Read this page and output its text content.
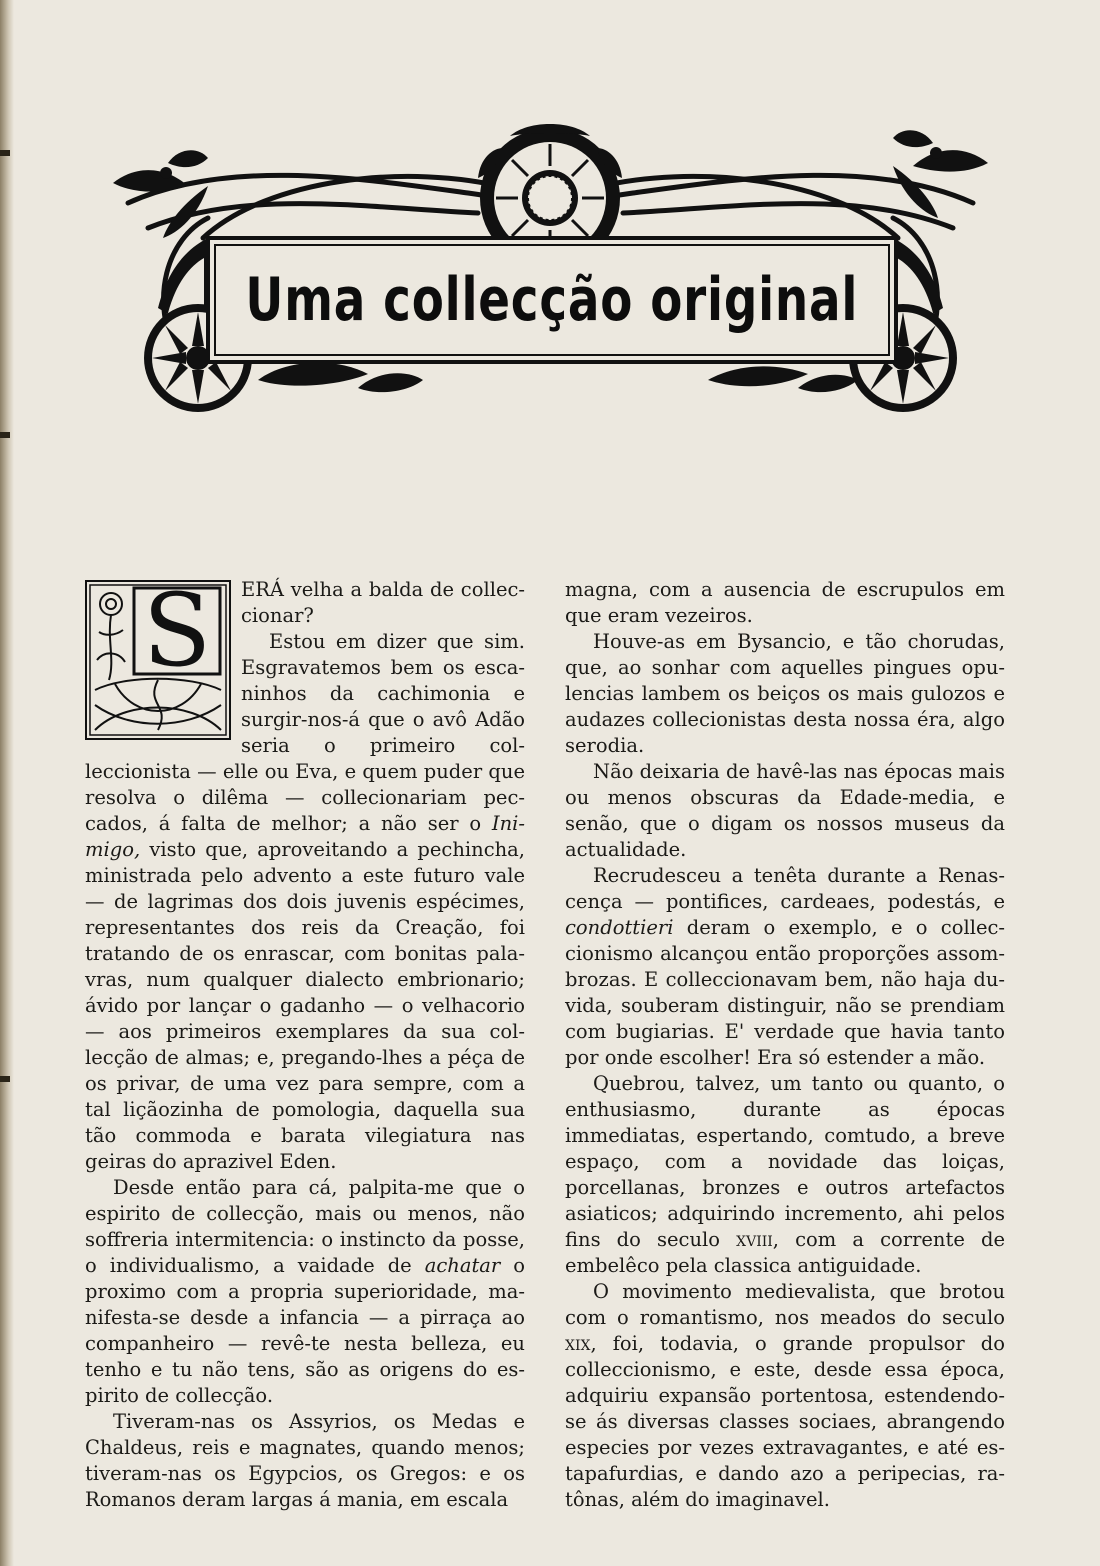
Uma collecção original
S	ERÁ velha a balda de colleccionar?

Estou em dizer que sim. Esgravatemos bem os escaninhos da cachimonia e surgir-nos-á que o avô Adão seria o primeiro colleccionista — elle ou Eva, e quem puder que resolva o dilêma — collecionariam peccados, á falta de melhor; a não ser o Inimigo, visto que, aproveitando a pechincha, ministrada pelo advento a este futuro vale — de lagrimas dos dois juvenis espécimes, representantes dos reis da Creação, foi tratando de os enrascar, com bonitas palavras, num qualquer dialecto embrionario; ávido por lançar o gadanho — o velhacorio — aos primeiros exemplares da sua collecção de almas; e, pregando-lhes a péça de os privar, de uma vez para sempre, com a tal liçãozinha de pomologia, daquella sua tão commoda e barata vilegiatura nas geiras do aprazivel Eden.

Desde então para cá, palpita-me que o espirito de collecção, mais ou menos, não soffreria intermitencia: o instincto da posse, o individualismo, a vaidade de achatar o proximo com a propria superioridade, manifesta-se desde a infancia — a pirraça ao companheiro — revê-te nesta belleza, eu tenho e tu não tens, são as origens do espirito de collecção.

Tiveram-nas os Assyrios, os Medas e Chaldeus, reis e magnates, quando menos; tiveram-nas os Egypcios, os Gregos: e os Romanos deram largas á mania, em escala

magna, com a ausencia de escrupulos em que eram vezeiros.

Houve-as em Bysancio, e tão chorudas, que, ao sonhar com aquelles pingues opulencias lambem os beiços os mais gulozos e audazes collecionistas desta nossa éra, algo serodia.

Não deixaria de havê-las nas épocas mais ou menos obscuras da Edade-media, e senão, que o digam os nossos museus da actualidade.

Recrudesceu a tenêta durante a Renascença — pontifices, cardeaes, podestás, e condottieri deram o exemplo, e o colleccionismo alcançou então proporções assombrozas. E colleccionavam bem, não haja duvida, souberam distinguir, não se prendiam com bugiarias. E' verdade que havia tanto por onde escolher! Era só estender a mão.

Quebrou, talvez, um tanto ou quanto, o enthusiasmo, durante as épocas immediatas, espertando, comtudo, a breve espaço, com a novidade das loiças, porcellanas, bronzes e outros artefactos asiaticos; adquirindo incremento, ahi pelos fins do seculo xviii, com a corrente de embelêco pela classica antiguidade.

O movimento medievalista, que brotou com o romantismo, nos meados do seculo xix, foi, todavia, o grande propulsor do colleccionismo, e este, desde essa época, adquiriu expansão portentosa, estendendo-se ás diversas classes sociaes, abrangendo especies por vezes extravagantes, e até estapafurdias, e dando azo a peripecias, ratônas, além do imaginavel.
